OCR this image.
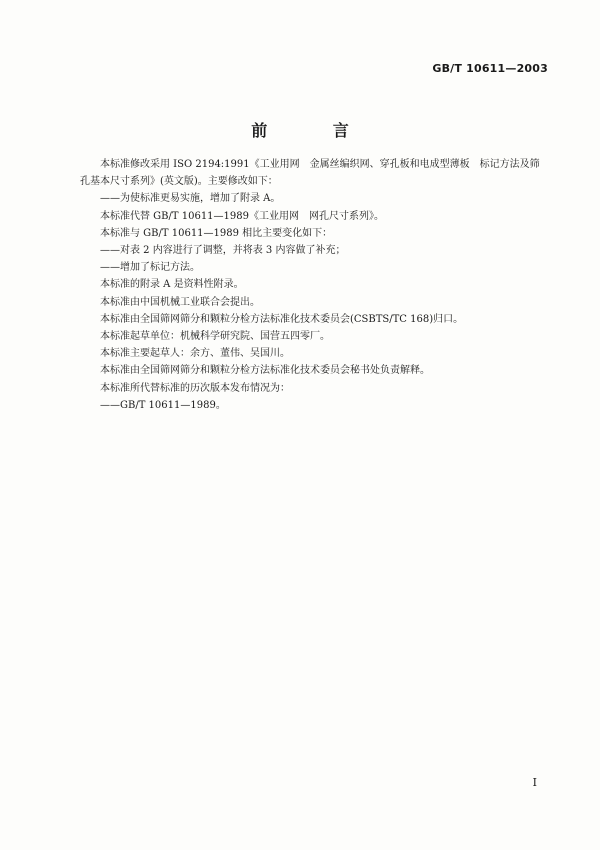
GB/T 10611—2003
前 言

本标准修改采用 ISO 2194:1991《工业用网　金属丝编织网、穿孔板和电成型薄板　标记方法及筛

孔基本尺寸系列》(英文版)。主要修改如下：

——为使标准更易实施，增加了附录 A。

本标准代替 GB/T 10611—1989《工业用网　网孔尺寸系列》。

本标准与 GB/T 10611—1989 相比主要变化如下：

——对表 2 内容进行了调整，并将表 3 内容做了补充；

——增加了标记方法。

本标准的附录 A 是资料性附录。

本标准由中国机械工业联合会提出。

本标准由全国筛网筛分和颗粒分检方法标准化技术委员会(CSBTS/TC 168)归口。

本标准起草单位：机械科学研究院、国营五四零厂。

本标准主要起草人：余方、董伟、吴国川。

本标准由全国筛网筛分和颗粒分检方法标准化技术委员会秘书处负责解释。

本标准所代替标准的历次版本发布情况为：

——GB/T 10611—1989。

I
